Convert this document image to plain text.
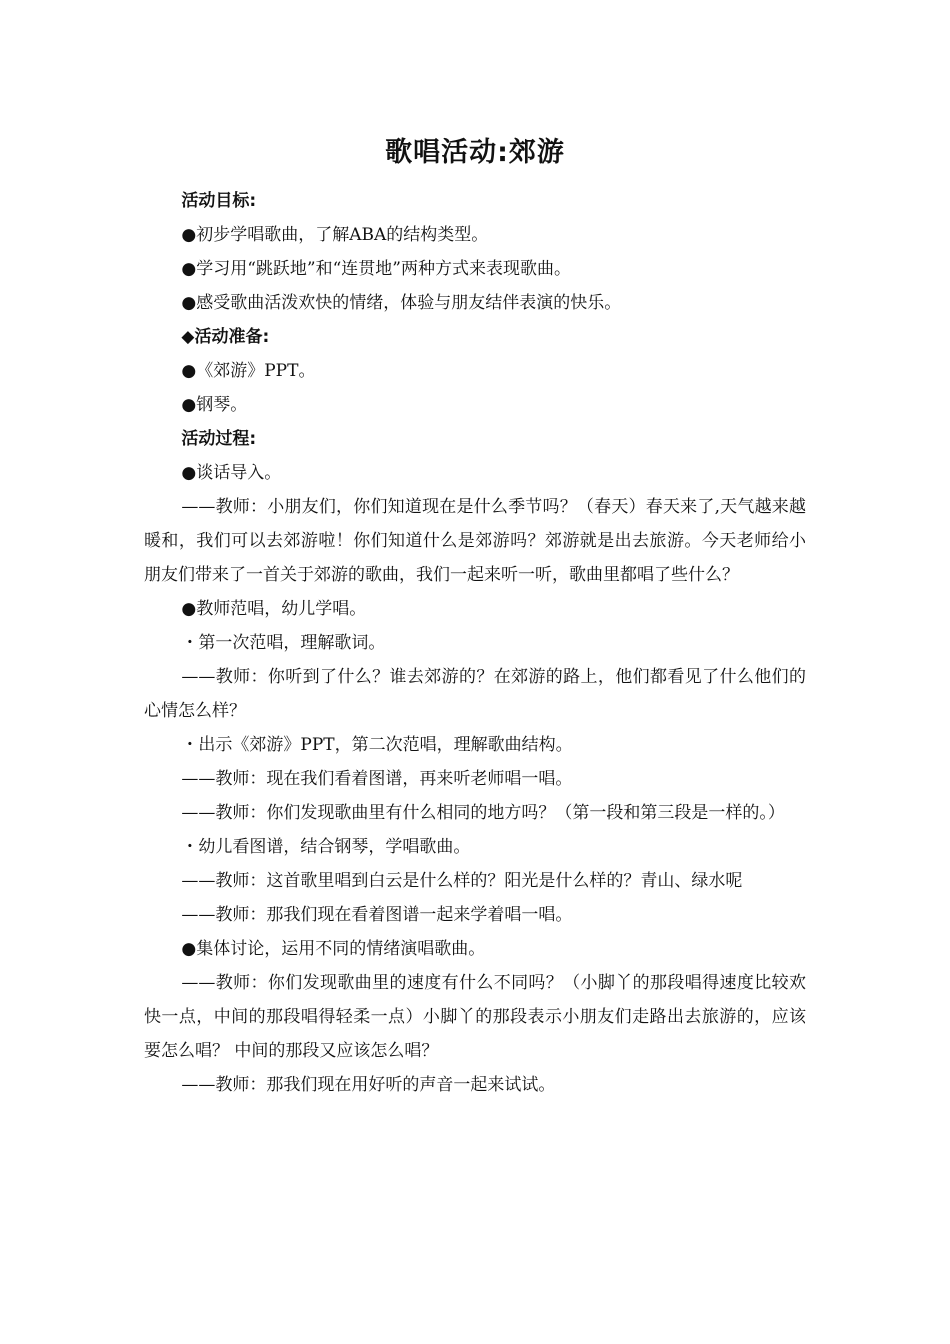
歌唱活动:郊游

活动目标:

●初步学唱歌曲，了解ABA的结构类型。

●学习用“跳跃地”和“连贯地”两种方式来表现歌曲。

●感受歌曲活泼欢快的情绪，体验与朋友结伴表演的快乐。

◆活动准备:

●《郊游》PPT。

●钢琴。

活动过程:

●谈话导入。

——教师：小朋友们，你们知道现在是什么季节吗？（春天）春天来了,天气越来越暖和，我们可以去郊游啦！你们知道什么是郊游吗？郊游就是出去旅游。今天老师给小朋友们带来了一首关于郊游的歌曲，我们一起来听一听，歌曲里都唱了些什么？

●教师范唱，幼儿学唱。

・第一次范唱，理解歌词。

——教师：你听到了什么？谁去郊游的？在郊游的路上，他们都看见了什么他们的心情怎么样？

・出示《郊游》PPT，第二次范唱，理解歌曲结构。

——教师：现在我们看着图谱，再来听老师唱一唱。

——教师：你们发现歌曲里有什么相同的地方吗？（第一段和第三段是一样的。）

・幼儿看图谱，结合钢琴，学唱歌曲。

——教师：这首歌里唱到白云是什么样的？阳光是什么样的？青山、绿水呢

——教师：那我们现在看着图谱一起来学着唱一唱。

●集体讨论，运用不同的情绪演唱歌曲。

——教师：你们发现歌曲里的速度有什么不同吗？（小脚丫的那段唱得速度比较欢快一点，中间的那段唱得轻柔一点）小脚丫的那段表示小朋友们走路出去旅游的，应该要怎么唱？ 中间的那段又应该怎么唱？

——教师：那我们现在用好听的声音一起来试试。
